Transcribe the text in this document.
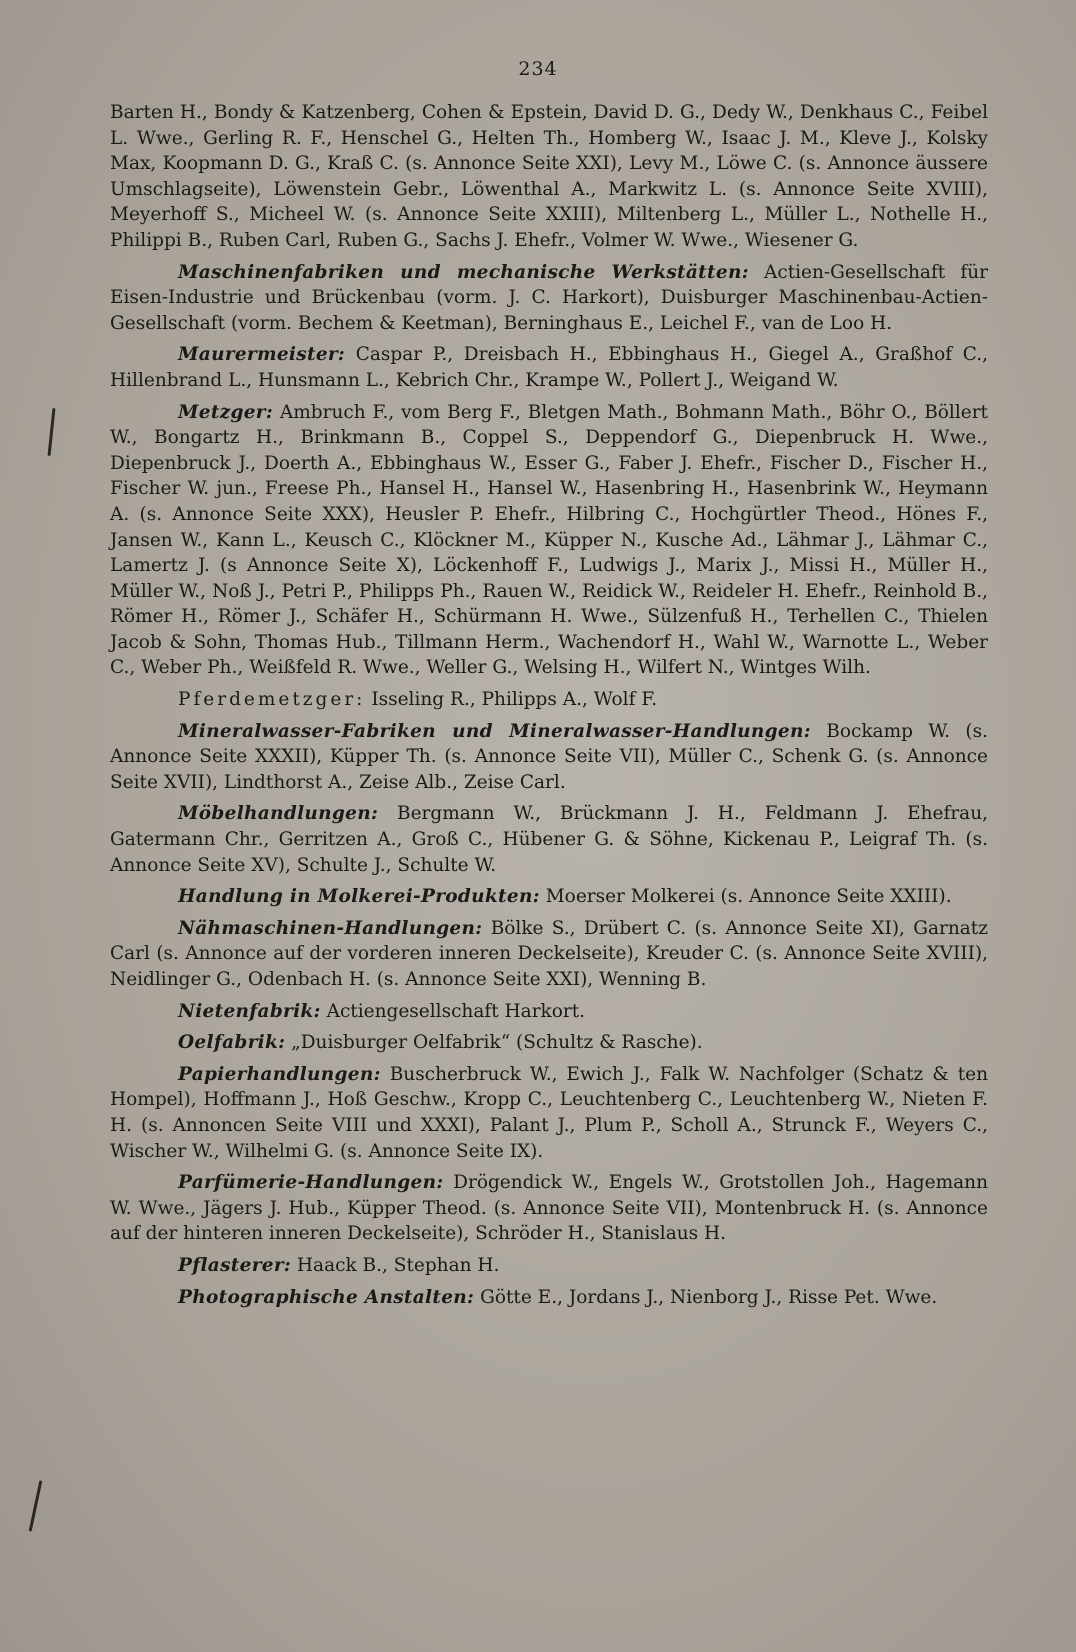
234

Barten H., Bondy & Katzenberg, Cohen & Epstein, David D. G., Dedy W., Denkhaus C., Feibel L. Wwe., Gerling R. F., Henschel G., Helten Th., Homberg W., Isaac J. M., Kleve J., Kolsky Max, Koopmann D. G., Kraß C. (s. Annonce Seite XXI), Levy M., Löwe C. (s. Annonce äussere Umschlagseite), Löwenstein Gebr., Löwenthal A., Markwitz L. (s. Annonce Seite XVIII), Meyerhoff S., Micheel W. (s. Annonce Seite XXIII), Miltenberg L., Müller L., Nothelle H., Philippi B., Ruben Carl, Ruben G., Sachs J. Ehefr., Volmer W. Wwe., Wiesener G.

Maschinenfabriken und mechanische Werkstätten: Actien-Gesellschaft für Eisen-Industrie und Brückenbau (vorm. J. C. Harkort), Duisburger Maschinenbau-Actien-Gesellschaft (vorm. Bechem & Keetman), Berninghaus E., Leichel F., van de Loo H.

Maurermeister: Caspar P., Dreisbach H., Ebbinghaus H., Giegel A., Graßhof C., Hillenbrand L., Hunsmann L., Kebrich Chr., Krampe W., Pollert J., Weigand W.

Metzger: Ambruch F., vom Berg F., Bletgen Math., Bohmann Math., Böhr O., Böllert W., Bongartz H., Brinkmann B., Coppel S., Deppendorf G., Diepenbruck H. Wwe., Diepenbruck J., Doerth A., Ebbinghaus W., Esser G., Faber J. Ehefr., Fischer D., Fischer H., Fischer W. jun., Freese Ph., Hansel H., Hansel W., Hasenbring H., Hasenbrink W., Heymann A. (s. Annonce Seite XXX), Heusler P. Ehefr., Hilbring C., Hochgürtler Theod., Hönes F., Jansen W., Kann L., Keusch C., Klöckner M., Küpper N., Kusche Ad., Lähmar J., Lähmar C., Lamertz J. (s Annonce Seite X), Löckenhoff F., Ludwigs J., Marix J., Missi H., Müller H., Müller W., Noß J., Petri P., Philipps Ph., Rauen W., Reidick W., Reideler H. Ehefr., Reinhold B., Römer H., Römer J., Schäfer H., Schürmann H. Wwe., Sülzenfuß H., Terhellen C., Thielen Jacob & Sohn, Thomas Hub., Tillmann Herm., Wachendorf H., Wahl W., Warnotte L., Weber C., Weber Ph., Weißfeld R. Wwe., Weller G., Welsing H., Wilfert N., Wintges Wilh.

Pferdemetzger: Isseling R., Philipps A., Wolf F.

Mineralwasser-Fabriken und Mineralwasser-Handlungen: Bockamp W. (s. Annonce Seite XXXII), Küpper Th. (s. Annonce Seite VII), Müller C., Schenk G. (s. Annonce Seite XVII), Lindthorst A., Zeise Alb., Zeise Carl.

Möbelhandlungen: Bergmann W., Brückmann J. H., Feldmann J. Ehefrau, Gatermann Chr., Gerritzen A., Groß C., Hübener G. & Söhne, Kickenau P., Leigraf Th. (s. Annonce Seite XV), Schulte J., Schulte W.

Handlung in Molkerei-Produkten: Moerser Molkerei (s. Annonce Seite XXIII).

Nähmaschinen-Handlungen: Bölke S., Drübert C. (s. Annonce Seite XI), Garnatz Carl (s. Annonce auf der vorderen inneren Deckelseite), Kreuder C. (s. Annonce Seite XVIII), Neidlinger G., Odenbach H. (s. Annonce Seite XXI), Wenning B.

Nietenfabrik: Actiengesellschaft Harkort.

Oelfabrik: „Duisburger Oelfabrik“ (Schultz & Rasche).

Papierhandlungen: Buscherbruck W., Ewich J., Falk W. Nachfolger (Schatz & ten Hompel), Hoffmann J., Hoß Geschw., Kropp C., Leuchtenberg C., Leuchtenberg W., Nieten F. H. (s. Annoncen Seite VIII und XXXI), Palant J., Plum P., Scholl A., Strunck F., Weyers C., Wischer W., Wilhelmi G. (s. Annonce Seite IX).

Parfümerie-Handlungen: Drögendick W., Engels W., Grotstollen Joh., Hagemann W. Wwe., Jägers J. Hub., Küpper Theod. (s. Annonce Seite VII), Montenbruck H. (s. Annonce auf der hinteren inneren Deckelseite), Schröder H., Stanislaus H.

Pflasterer: Haack B., Stephan H.

Photographische Anstalten: Götte E., Jordans J., Nienborg J., Risse Pet. Wwe.
